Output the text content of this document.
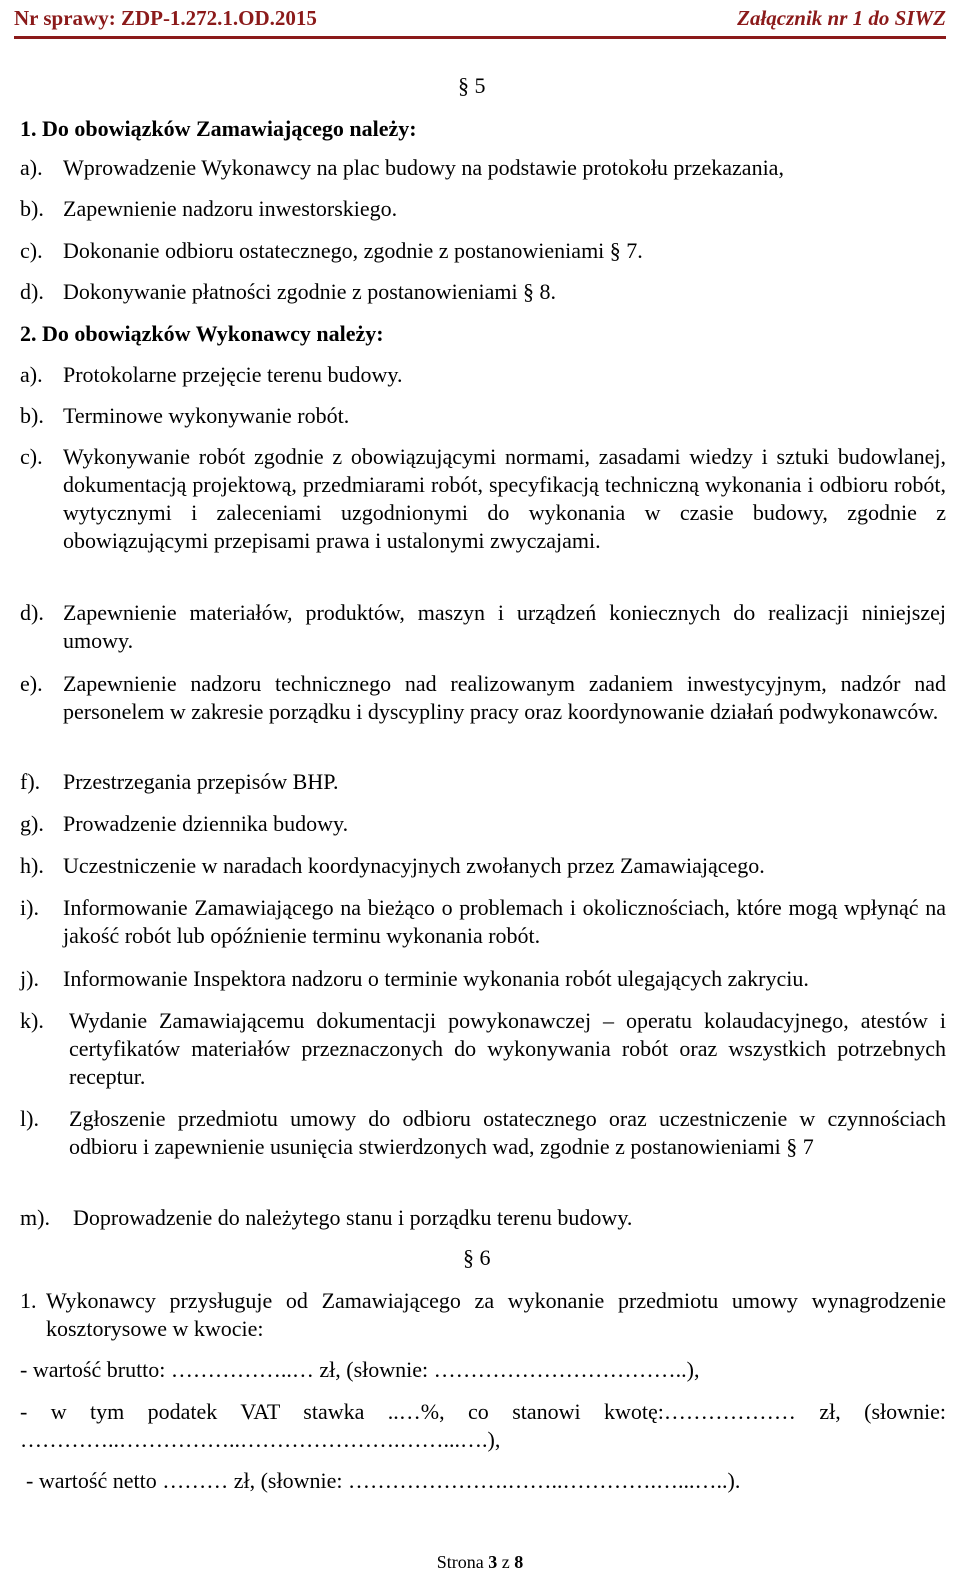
Nr sprawy: ZDP-1.272.1.OD.2015	Załącznik nr 1 do SIWZ
§ 5
1. Do obowiązków Zamawiającego należy:
a). Wprowadzenie Wykonawcy na plac budowy na podstawie protokołu przekazania,
b). Zapewnienie nadzoru inwestorskiego.
c). Dokonanie odbioru ostatecznego, zgodnie z postanowieniami § 7.
d). Dokonywanie płatności zgodnie z postanowieniami § 8.
2. Do obowiązków Wykonawcy należy:
a). Protokolarne przejęcie terenu budowy.
b). Terminowe wykonywanie robót.
c). Wykonywanie robót zgodnie z obowiązującymi normami, zasadami wiedzy i sztuki budowlanej, dokumentacją projektową, przedmiarami robót, specyfikacją techniczną wykonania i odbioru robót, wytycznymi i zaleceniami uzgodnionymi do wykonania w czasie budowy, zgodnie z obowiązującymi przepisami prawa i ustalonymi zwyczajami.
d). Zapewnienie materiałów, produktów, maszyn i urządzeń koniecznych do realizacji niniejszej umowy.
e). Zapewnienie nadzoru technicznego nad realizowanym zadaniem inwestycyjnym, nadzór nad personelem w zakresie porządku i dyscypliny pracy oraz koordynowanie działań podwykonawców.
f). Przestrzegania przepisów BHP.
g). Prowadzenie dziennika budowy.
h). Uczestniczenie w naradach koordynacyjnych zwołanych przez Zamawiającego.
i). Informowanie Zamawiającego na bieżąco o problemach i okolicznościach, które mogą wpłynąć na jakość robót lub opóźnienie terminu wykonania robót.
j). Informowanie Inspektora nadzoru o terminie wykonania robót ulegających zakryciu.
k). Wydanie Zamawiającemu dokumentacji powykonawczej – operatu kolaudacyjnego, atestów i certyfikatów materiałów przeznaczonych do wykonywania robót oraz wszystkich potrzebnych receptur.
l). Zgłoszenie przedmiotu umowy do odbioru ostatecznego oraz uczestniczenie w czynnościach odbioru i zapewnienie usunięcia stwierdzonych wad, zgodnie z postanowieniami § 7
m). Doprowadzenie do należytego stanu i porządku terenu budowy.
§ 6
1. Wykonawcy przysługuje od Zamawiającego za wykonanie przedmiotu umowy wynagrodzenie kosztorysowe w kwocie:
- wartość brutto: ……………..… zł, (słownie: ……………………………..),
- w tym podatek VAT stawka ..…%, co stanowi kwotę:……………… zł, (słownie: …………..……………..………………….……...….),
- wartość netto ……… zł, (słownie: ………………….……..………….…...…..).
Strona 3 z 8
